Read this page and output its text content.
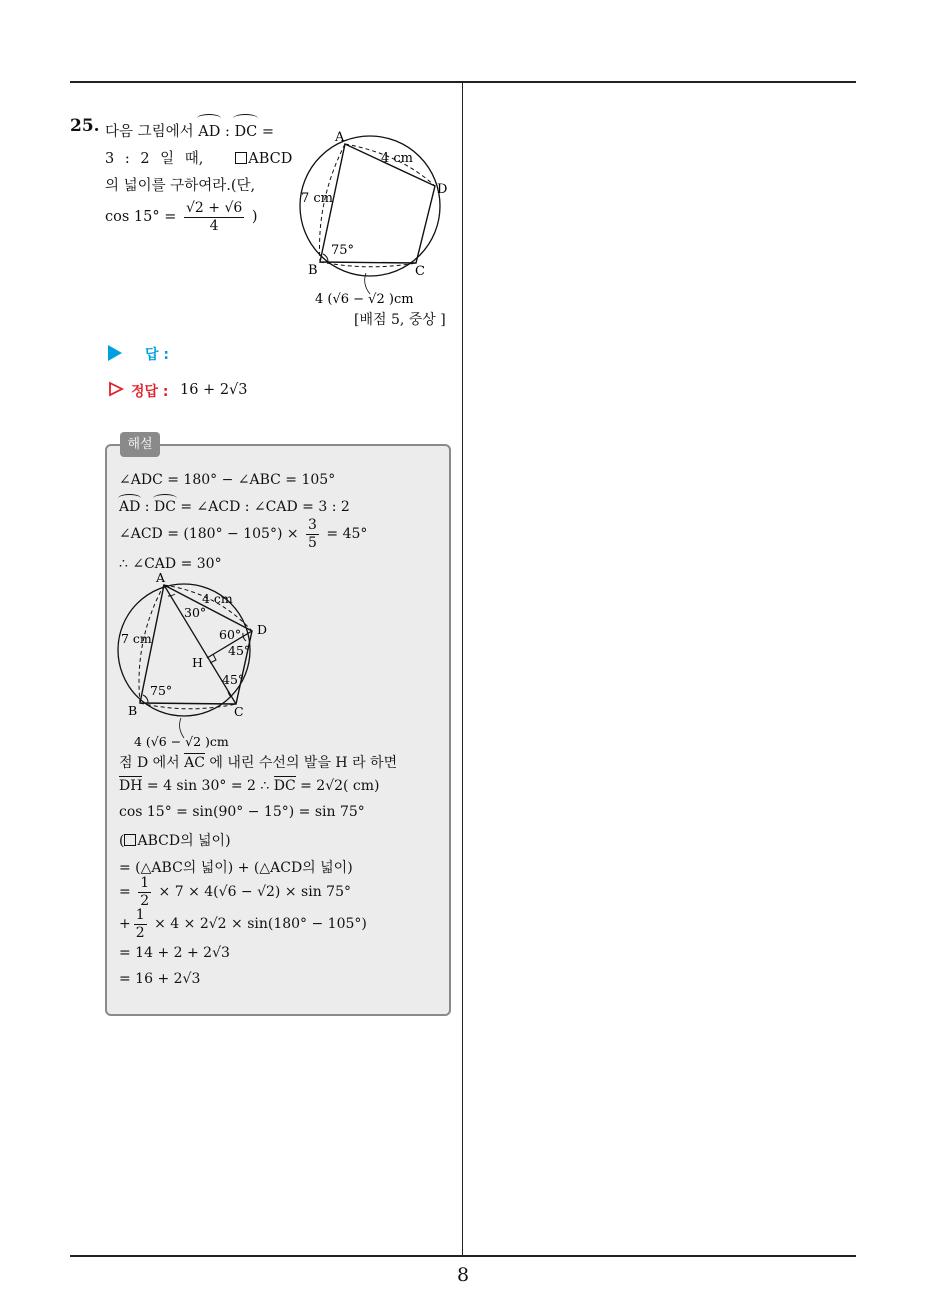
8
25. 다음 그림에서 AD : DC =
3 : 2 일 때,	ABCD
의 넓이를 구하여라.(단,
$\cos 15^\circ = \frac{√2 + √6}{4}$ )
A
D
B	C
4 cm
7 cm
75°
4 (√6 − √2 )cm
[배점 5, 중상 ]
답 :
정답 : 16 + 2√3
해설
∠ADC = 180° − ∠ABC = 105°
AD : DC = ∠ACD : ∠CAD = 3 : 2
∠ACD = $(180^\circ - 105^\circ) \times \frac{3}{5} = 45^\circ$
∴ ∠CAD = 30°
A
D
H
B	C
4 cm
30°
60°
45°
45°
7 cm
75°
4 (√6 − √2 )cm
점 D 에서 AC 에 내린 수선의 발을 H 라 하면
DH = 4 sin 30° = 2 ∴ DC = 2√2( cm)
cos 15° = sin(90° − 15°) = sin 75°
( ABCD의 넓이)
= (△ABC의 넓이) + (△ACD의 넓이)
= $\frac{1}{2} \times 7 \times 4(√6 - √2) \times \sin 75^\circ$
+ $\frac{1}{2} \times 4 \times 2√2 \times \sin(180^\circ - 105^\circ)$
= 14 + 2 + 2√3
= 16 + 2√3
